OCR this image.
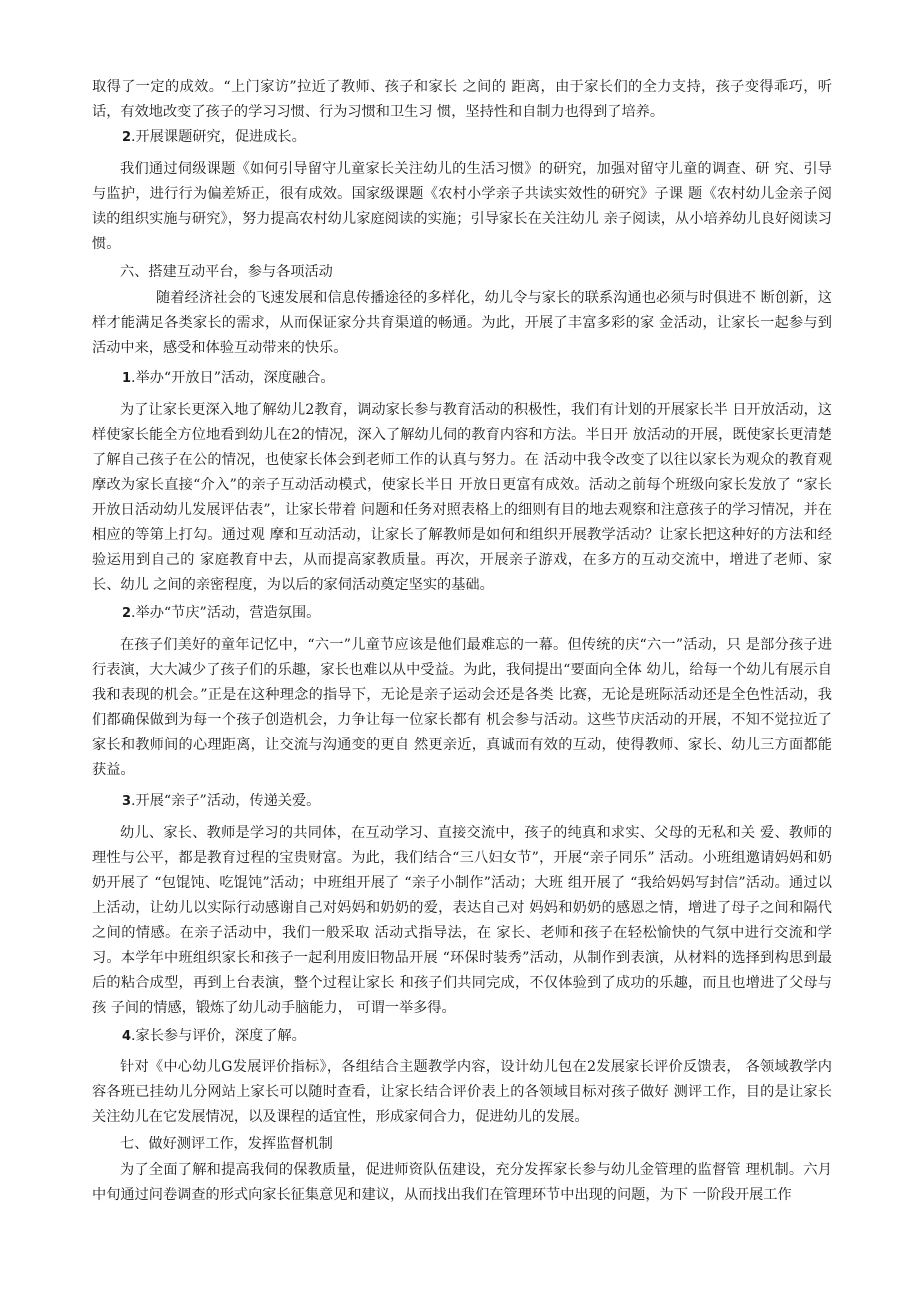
取得了一定的成效。“上门家访”拉近了教师、孩子和家长 之间的 距离，由于家长们的全力支持，孩子变得乖巧，听话，有效地改变了孩子的学习习惯、行为习惯和卫生习 惯，坚持性和自制力也得到了培养。

2.开展课题研究，促进成长。

我们通过伺级课题《如何引导留守儿童家长关注幼儿的生活习惯》的研究，加强对留守儿童的调查、研 究、引导与监护，进行行为偏差矫正，很有成效。国家级课题《农村小学亲子共读实效性的研究》子课 题《农村幼儿金亲子阅读的组织实施与研究》，努力提高农村幼儿家庭阅读的实施；引导家长在关注幼儿 亲子阅读，从小培养幼儿良好阅读习惯。

六、搭建互动平台，参与各项活动

随着经济社会的飞速发展和信息传播途径的多样化，幼儿令与家长的联系沟通也必须与时俱进不 断创新，这样才能满足各类家长的需求，从而保证家分共育渠道的畅通。为此，开展了丰富多彩的家 金活动，让家长一起参与到活动中来，感受和体验互动带来的快乐。

1.举办“开放日”活动，深度融合。

为了让家长更深入地了解幼儿2教育，调动家长参与教育活动的积极性，我们有计划的开展家长半 日开放活动，这样使家长能全方位地看到幼儿在2的情况，深入了解幼儿伺的教育内容和方法。半日开 放活动的开展，既使家长更清楚了解自己孩子在公的情况，也使家长体会到老师工作的认真与努力。在 活动中我令改变了以往以家长为观众的教育观摩改为家长直接“介入”的亲子互动活动模式，使家长半日 开放日更富有成效。活动之前每个班级向家长发放了 “家长开放日活动幼儿发展评估表”，让家长带着 问题和任务对照表格上的细则有目的地去观察和注意孩子的学习情况，并在相应的等第上打勾。通过观 摩和互动活动，让家长了解教师是如何和组织开展教学活动？让家长把这种好的方法和经验运用到自己的 家庭教育中去，从而提高家教质量。再次，开展亲子游戏，在多方的互动交流中，增进了老师、家长、幼儿 之间的亲密程度，为以后的家伺活动奠定坚实的基础。

2.举办“节庆”活动，营造氛围。

在孩子们美好的童年记忆中，“六一”儿童节应该是他们最难忘的一幕。但传统的庆“六一”活动，只 是部分孩子进行表演，大大减少了孩子们的乐趣，家长也难以从中受益。为此，我伺提出“要面向全体 幼儿，给每一个幼儿有展示自我和表现的机会。”正是在这种理念的指导下，无论是亲子运动会还是各类 比赛，无论是班际活动还是全色性活动，我们都确保做到为每一个孩子创造机会，力争让每一位家长都有 机会参与活动。这些节庆活动的开展，不知不觉拉近了家长和教师间的心理距离，让交流与沟通变的更自 然更亲近，真诚而有效的互动，使得教师、家长、幼儿三方面都能获益。

3.开展“亲子”活动，传递关爱。

幼儿、家长、教师是学习的共同体，在互动学习、直接交流中，孩子的纯真和求实、父母的无私和关 爱、教师的理性与公平，都是教育过程的宝贵财富。为此，我们结合“三八妇女节”，开展“亲子同乐” 活动。小班组邀请妈妈和奶奶开展了 “包馄饨、吃馄饨”活动；中班组开展了 “亲子小制作”活动；大班 组开展了 “我给妈妈写封信”活动。通过以上活动，让幼儿以实际行动感谢自己对妈妈和奶奶的爱，表达自己对 妈妈和奶奶的感恩之情，增进了母子之间和隔代之间的情感。在亲子活动中，我们一般采取 活动式指导法，在 家长、老师和孩子在轻松愉快的气氛中进行交流和学习。本学年中班组织家长和孩子一起利用废旧物品开展 “环保时装秀”活动，从制作到表演，从材料的选择到构思到最后的粘合成型，再到上台表演，整个过程让家长 和孩子们共同完成，不仅体验到了成功的乐趣，而且也增进了父母与孩 子间的情感，锻炼了幼儿动手脑能力， 可谓一举多得。

4.家长参与评价，深度了解。

针对《中心幼儿G发展评价指标》，各组结合主题教学内容，设计幼儿包在2发展家长评价反馈表， 各领域教学内容各班已挂幼儿分网站上家长可以随时查看，让家长结合评价表上的各领域目标对孩子做好 测评工作，目的是让家长关注幼儿在它发展情况，以及课程的适宜性，形成家伺合力，促进幼儿的发展。

七、做好测评工作，发挥监督机制

为了全面了解和提高我伺的保教质量，促进师资队伍建设，充分发挥家长参与幼儿金管理的监督管 理机制。六月中旬通过问卷调查的形式向家长征集意见和建议，从而找出我们在管理环节中出现的问题，为下 一阶段开展工作
